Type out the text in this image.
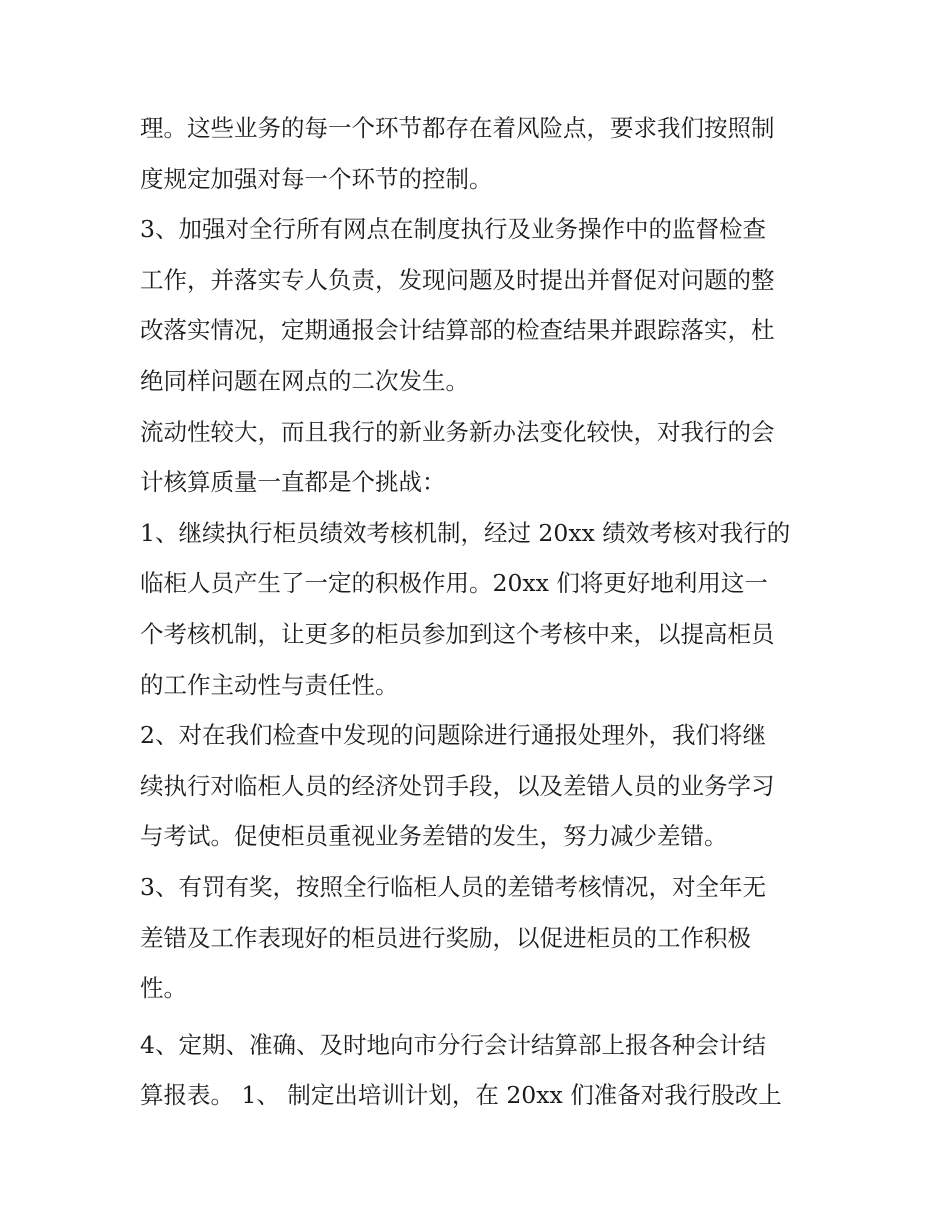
理。这些业务的每一个环节都存在着风险点，要求我们按照制
度规定加强对每一个环节的控制。
3、加强对全行所有网点在制度执行及业务操作中的监督检查
工作，并落实专人负责，发现问题及时提出并督促对问题的整
改落实情况，定期通报会计结算部的检查结果并跟踪落实，杜
绝同样问题在网点的二次发生。
流动性较大，而且我行的新业务新办法变化较快，对我行的会
计核算质量一直都是个挑战：
1、继续执行柜员绩效考核机制，经过 20xx 绩效考核对我行的
临柜人员产生了一定的积极作用。20xx 们将更好地利用这一
个考核机制，让更多的柜员参加到这个考核中来，以提高柜员
的工作主动性与责任性。
2、对在我们检查中发现的问题除进行通报处理外，我们将继
续执行对临柜人员的经济处罚手段，以及差错人员的业务学习
与考试。促使柜员重视业务差错的发生，努力减少差错。
3、有罚有奖，按照全行临柜人员的差错考核情况，对全年无
差错及工作表现好的柜员进行奖励，以促进柜员的工作积极
性。
4、定期、准确、及时地向市分行会计结算部上报各种会计结
算报表。 1、 制定出培训计划，在 20xx 们准备对我行股改上
